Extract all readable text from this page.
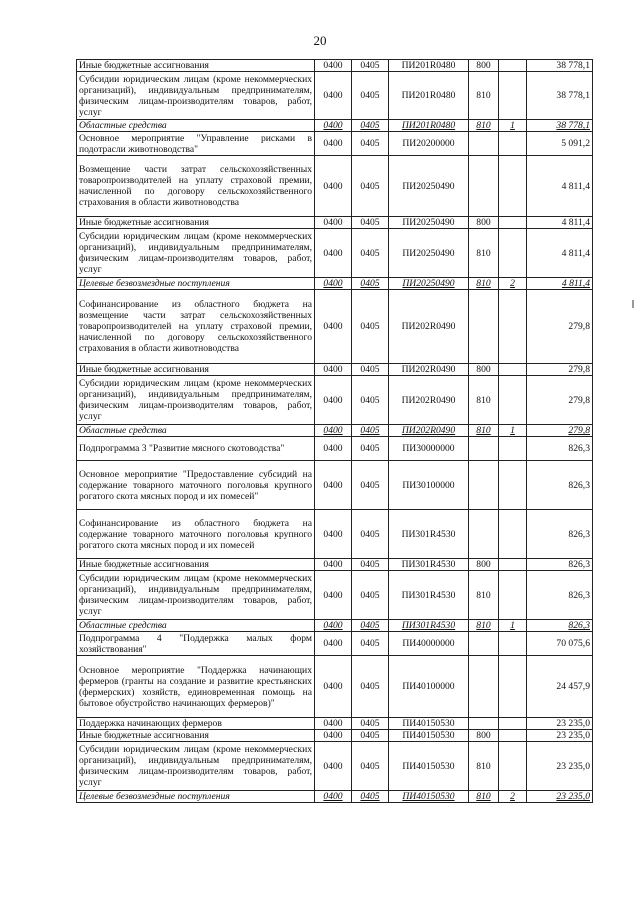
20
Иные бюджетные ассигнования	0400	0405	ПИ201R0480	800		38 778,1
Субсидии юридическим лицам (кроме некоммерческих организаций), индивидуальным предпринимателям, физическим лицам-производителям товаров, работ, услуг	0400	0405	ПИ201R0480	810		38 778,1
Областные средства	0400	0405	ПИ201R0480	810	1	38 778,1
Основное мероприятие "Управление рисками в подотрасли животноводства"	0400	0405	ПИ20200000			5 091,2
Возмещение части затрат сельскохозяйственных товаропроизводителей на уплату страховой премии, начисленной по договору сельскохозяйственного страхования в области животноводства	0400	0405	ПИ20250490			4 811,4
Иные бюджетные ассигнования	0400	0405	ПИ20250490	800		4 811,4
Субсидии юридическим лицам (кроме некоммерческих организаций), индивидуальным предпринимателям, физическим лицам-производителям товаров, работ, услуг	0400	0405	ПИ20250490	810		4 811,4
Целевые безвозмездные поступления	0400	0405	ПИ20250490	810	2	4 811,4
Софинансирование из областного бюджета на возмещение части затрат сельскохозяйственных товаропроизводителей на уплату страховой премии, начисленной по договору сельскохозяйственного страхования в области животноводства	0400	0405	ПИ202R0490			279,8
Иные бюджетные ассигнования	0400	0405	ПИ202R0490	800		279,8
Субсидии юридическим лицам (кроме некоммерческих организаций), индивидуальным предпринимателям, физическим лицам-производителям товаров, работ, услуг	0400	0405	ПИ202R0490	810		279,8
Областные средства	0400	0405	ПИ202R0490	810	1	279,8
Подпрограмма 3 "Развитие мясного скотоводства"	0400	0405	ПИ30000000			826,3
Основное мероприятие "Предоставление субсидий на содержание товарного маточного поголовья крупного рогатого скота мясных пород и их помесей"	0400	0405	ПИ30100000			826,3
Софинансирование из областного бюджета на содержание товарного маточного поголовья крупного рогатого скота мясных пород и их помесей	0400	0405	ПИ301R4530			826,3
Иные бюджетные ассигнования	0400	0405	ПИ301R4530	800		826,3
Субсидии юридическим лицам (кроме некоммерческих организаций), индивидуальным предпринимателям, физическим лицам-производителям товаров, работ, услуг	0400	0405	ПИ301R4530	810		826,3
Областные средства	0400	0405	ПИ301R4530	810	1	826,3
Подпрограмма 4 "Поддержка малых форм хозяйствования"	0400	0405	ПИ40000000			70 075,6
Основное мероприятие "Поддержка начинающих фермеров (гранты на создание и развитие крестьянских (фермерских) хозяйств, единовременная помощь на бытовое обустройство начинающих фермеров)"	0400	0405	ПИ40100000			24 457,9
Поддержка начинающих фермеров	0400	0405	ПИ40150530			23 235,0
Иные бюджетные ассигнования	0400	0405	ПИ40150530	800		23 235,0
Субсидии юридическим лицам (кроме некоммерческих организаций), индивидуальным предпринимателям, физическим лицам-производителям товаров, работ, услуг	0400	0405	ПИ40150530	810		23 235,0
Целевые безвозмездные поступления	0400	0405	ПИ40150530	810	2	23 235,0
